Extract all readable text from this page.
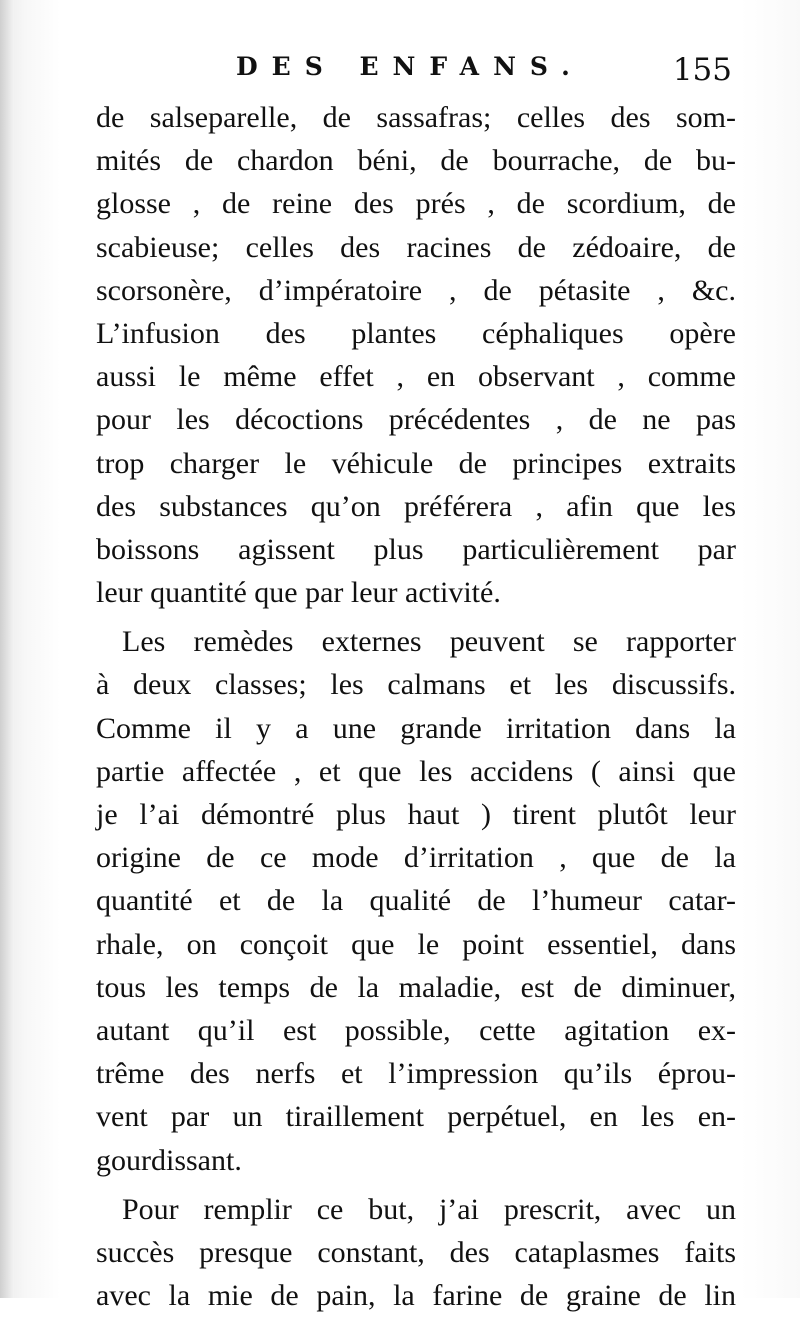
DES ENFANS.	155
de salseparelle, de sassafras; celles des som-
mités de chardon béni, de bourrache, de bu-
glosse , de reine des prés , de scordium, de
scabieuse; celles des racines de zédoaire, de
scorsonère, d’impératoire , de pétasite , &c.
L’infusion des plantes céphaliques opère
aussi le même effet , en observant , comme
pour les décoctions précédentes , de ne pas
trop charger le véhicule de principes extraits
des substances qu’on préférera , afin que les
boissons agissent plus particulièrement par
leur quantité que par leur activité.
Les remèdes externes peuvent se rapporter
à deux classes; les calmans et les discussifs.
Comme il y a une grande irritation dans la
partie affectée , et que les accidens ( ainsi que
je l’ai démontré plus haut ) tirent plutôt leur
origine de ce mode d’irritation , que de la
quantité et de la qualité de l’humeur catar-
rhale, on conçoit que le point essentiel, dans
tous les temps de la maladie, est de diminuer,
autant qu’il est possible, cette agitation ex-
trême des nerfs et l’impression qu’ils éprou-
vent par un tiraillement perpétuel, en les en-
gourdissant.
Pour remplir ce but, j’ai prescrit, avec un
succès presque constant, des cataplasmes faits
avec la mie de pain, la farine de graine de lin
